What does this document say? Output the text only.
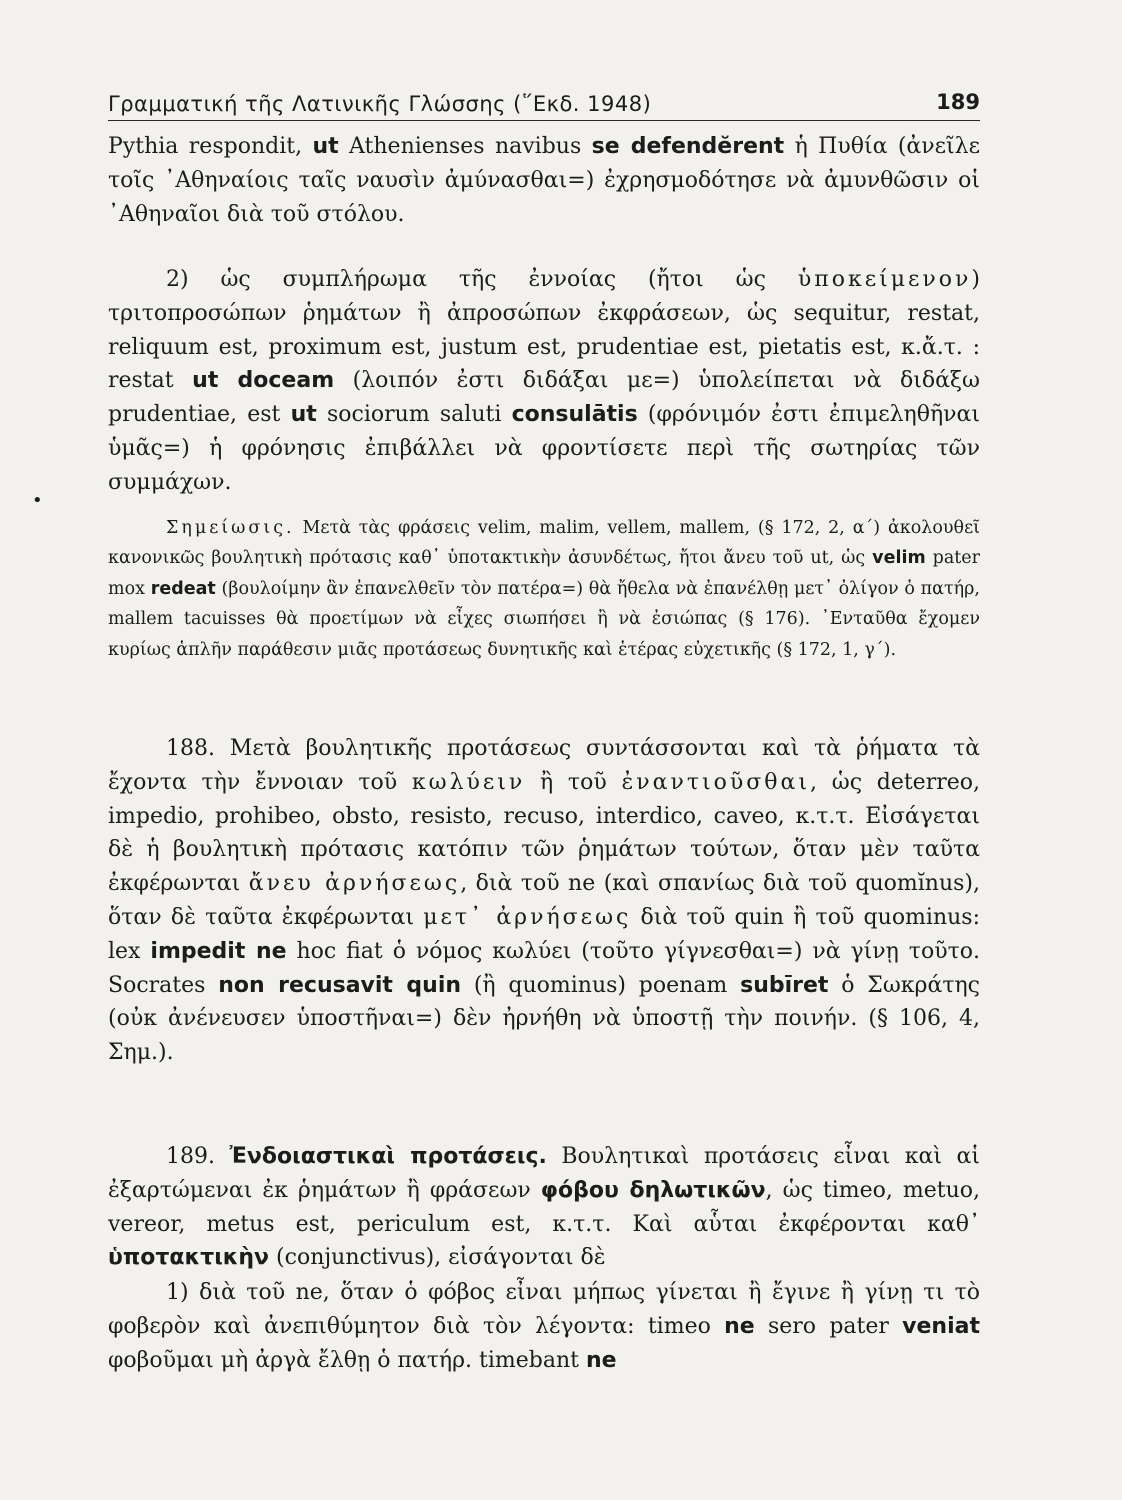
Γραμματική τῆς Λατινικῆς Γλώσσης (῞Εκδ. 1948)	189

Pythia respondit, ut Athenienses navibus se defendĕrent ἡ Πυθία (ἀνεῖλε τοῖς ᾿Αθηναίοις ταῖς ναυσὶν ἀμύνασθαι=) ἐχρησμοδότησε νὰ ἀμυνθῶσιν οἱ ᾿Αθηναῖοι διὰ τοῦ στόλου.

2) ὡς συμπλήρωμα τῆς ἐννοίας (ἤτοι ὡς ὑποκείμενον) τριτοπροσώπων ῥημάτων ἢ ἀπροσώπων ἐκφράσεων, ὡς sequitur, restat, reliquum est, proximum est, justum est, prudentiae est, pietatis est, κ.ἄ.τ. : restat ut doceam (λοιπόν ἐστι διδάξαι με=) ὑπολείπεται νὰ διδάξω prudentiae, est ut sociorum saluti consulātis (φρόνιμόν ἐστι ἐπιμεληθῆναι ὑμᾶς=) ἡ φρόνησις ἐπιβάλλει νὰ φροντίσετε περὶ τῆς σωτηρίας τῶν συμμάχων.

Σημείωσις. Μετὰ τὰς φράσεις velim, malim, vellem, mallem, (§ 172, 2, α΄) ἀκολουθεῖ κανονικῶς βουλητικὴ πρότασις καθ᾿ ὑποτακτικὴν ἀσυνδέτως, ἤτοι ἄνευ τοῦ ut, ὡς velim pater mox redeat (βουλοίμην ἂν ἐπανελθεῖν τὸν πατέρα=) θὰ ἤθελα νὰ ἐπανέλθῃ μετ᾿ ὀλίγον ὁ πατήρ, mallem tacuisses θὰ προετίμων νὰ εἶχες σιωπήσει ἢ νὰ ἐσιώπας (§ 176). ᾿Ενταῦθα ἔχομεν κυρίως ἁπλῆν παράθεσιν μιᾶς προτάσεως δυνητικῆς καὶ ἑτέρας εὐχετικῆς (§ 172, 1, γ΄).

188. Μετὰ βουλητικῆς προτάσεως συντάσσονται καὶ τὰ ῥήματα τὰ ἔχοντα τὴν ἔννοιαν τοῦ κωλύειν ἢ τοῦ ἐναντιοῦσθαι, ὡς deterreo, impedio, prohibeo, obsto, resisto, recuso, interdico, caveo, κ.τ.τ. Εἰσάγεται δὲ ἡ βουλητικὴ πρότασις κατόπιν τῶν ῥημάτων τούτων, ὅταν μὲν ταῦτα ἐκφέρωνται ἄνευ ἀρνήσεως, διὰ τοῦ ne (καὶ σπανίως διὰ τοῦ quomĭnus), ὅταν δὲ ταῦτα ἐκφέρωνται μετ᾿ ἀρνήσεως διὰ τοῦ quin ἢ τοῦ quominus: lex impedit ne hoc fiat ὁ νόμος κωλύει (τοῦτο γίγνεσθαι=) νὰ γίνῃ τοῦτο. Socrates non recusavit quin (ἢ quominus) poenam subīret ὁ Σωκράτης (οὐκ ἀνένευσεν ὑποστῆναι=) δὲν ἠρνήθη νὰ ὑποστῇ τὴν ποινήν. (§ 106, 4, Σημ.).

189. Ἐνδοιαστικαὶ προτάσεις. Βουλητικαὶ προτάσεις εἶναι καὶ αἱ ἐξαρτώμεναι ἐκ ῥημάτων ἢ φράσεων φόβου δηλωτικῶν, ὡς timeo, metuo, vereor, metus est, periculum est, κ.τ.τ. Καὶ αὗται ἐκφέρονται καθ᾿ ὑποτακτικὴν (conjunctivus), εἰσάγονται δὲ

1) διὰ τοῦ ne, ὅταν ὁ φόβος εἶναι μήπως γίνεται ἢ ἔγινε ἢ γίνῃ τι τὸ φοβερὸν καὶ ἀνεπιθύμητον διὰ τὸν λέγοντα: timeo ne sero pater veniat φοβοῦμαι μὴ ἀργὰ ἔλθῃ ὁ πατήρ. timebant ne

•
